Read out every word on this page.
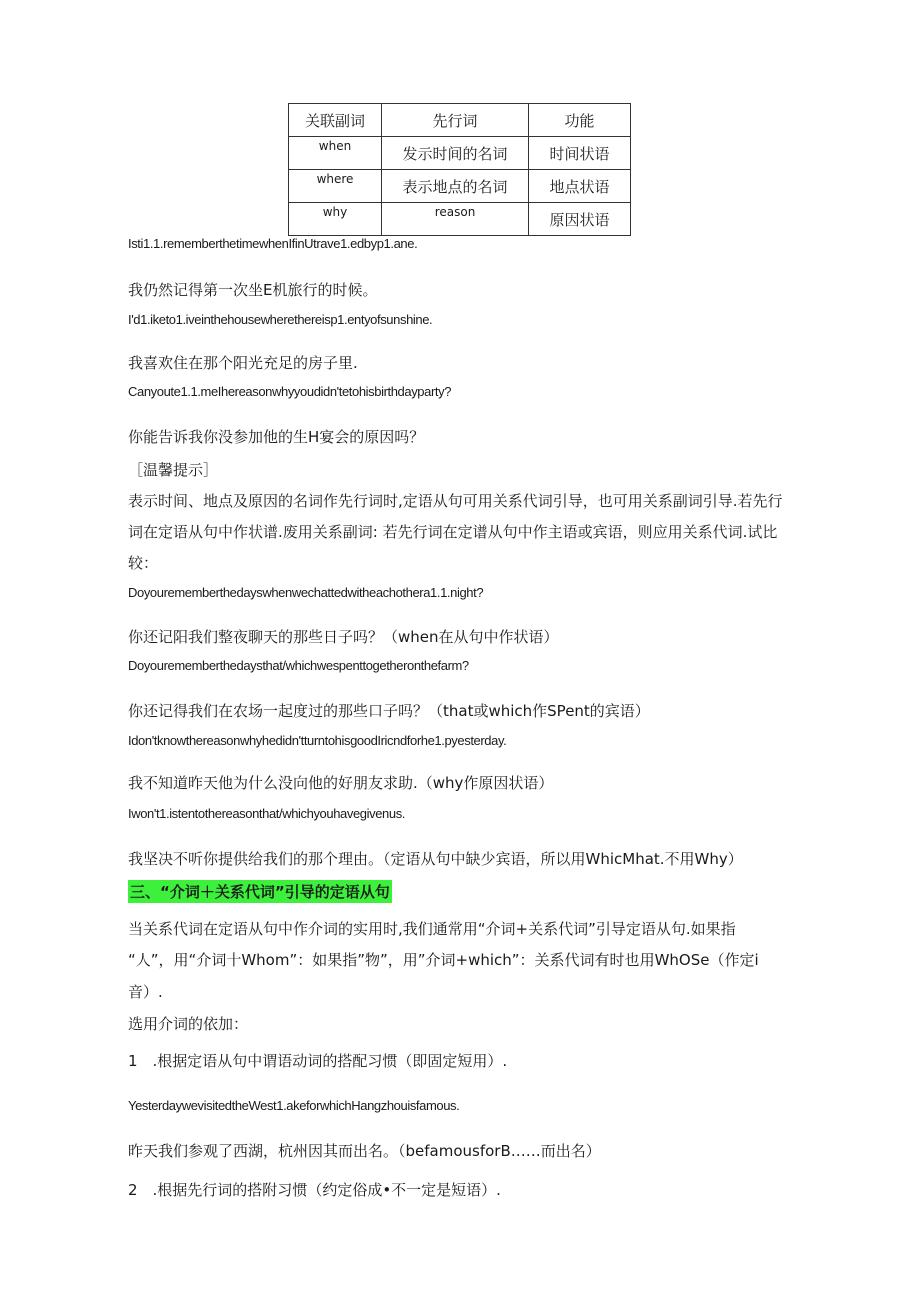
关联副词	先行词	功能
when	发示时间的名词	时间状语
where	表示地点的名词	地点状语
why	reason	原因状语
Isti1.1.rememberthetimewhenIfinUtrave1.edbyp1.ane.
我仍然记得第一次坐E机旅行的时候。
I'd1.iketo1.iveinthehousewherethereisp1.entyofsunshine.
我喜欢住在那个阳光充足的房子里.
Canyoute1.1.meIhereasonwhyyoudidn'tetohisbirthdayparty?
你能告诉我你没参加他的生H宴会的原因吗？
［温馨提示］
表示时间、地点及原因的名词作先行词时,定语从句可用关系代词引导，也可用关系副词引导.若先行
词在定语从句中作状谱.废用关系副词: 若先行词在定谱从句中作主语或宾语，则应用关系代词.试比
较：
Doyourememberthedayswhenwechattedwitheachothera1.1.night?
你还记阳我们整夜聊天的那些日子吗？（when在从句中作状语）
Doyourememberthedaysthat/whichwespenttogetheronthefarm?
你还记得我们在农场一起度过的那些口子吗？（that或which作SPent的宾语）
Idon'tknowthereasonwhyhedidn'tturntohisgoodIricndforhe1.pyesterday.
我不知道昨天他为什么没向他的好朋友求助.（why作原因状语）
Iwon't1.istentothereasonthat/whichyouhavegivenus.
我坚决不听你提供给我们的那个理由。（定语从句中缺少宾语，所以用WhicMhat.不用Why）
三、“介词＋关系代词”引导的定语从句
当关系代词在定语从句中作介词的实用时,我们通常用“介词+关系代词”引导定语从句.如果指
“人”，用“介词十Whom”：如果指”物”，用”介词+which”：关系代词有时也用WhOSe（作定i
音）.
选用介词的依加：
1　.根据定语从句中谓语动词的搭配习惯（即固定短用）.
YesterdaywevisitedtheWest1.akeforwhichHangzhouisfamous.
昨天我们参观了西湖，杭州因其而出名。（befamousforB……而出名）
2　.根据先行词的搭附习惯（约定俗成•不一定是短语）.
